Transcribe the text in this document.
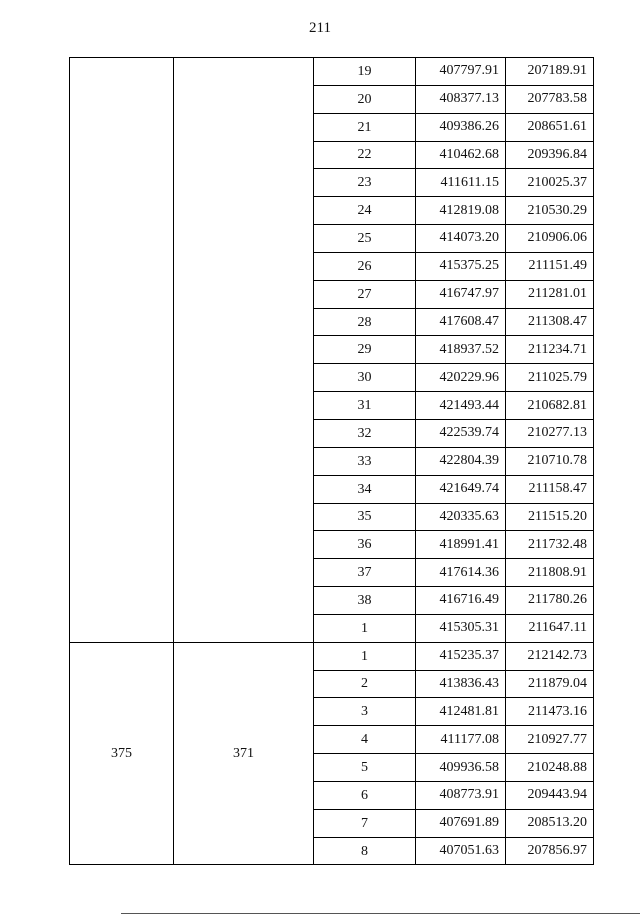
211
		19	407797.91	207189.91
		20	408377.13	207783.58
		21	409386.26	208651.61
		22	410462.68	209396.84
		23	411611.15	210025.37
		24	412819.08	210530.29
		25	414073.20	210906.06
		26	415375.25	211151.49
		27	416747.97	211281.01
		28	417608.47	211308.47
		29	418937.52	211234.71
		30	420229.96	211025.79
		31	421493.44	210682.81
		32	422539.74	210277.13
		33	422804.39	210710.78
		34	421649.74	211158.47
		35	420335.63	211515.20
		36	418991.41	211732.48
		37	417614.36	211808.91
		38	416716.49	211780.26
		1	415305.31	211647.11
375	371	1	415235.37	212142.73
		2	413836.43	211879.04
		3	412481.81	211473.16
		4	411177.08	210927.77
		5	409936.58	210248.88
		6	408773.91	209443.94
		7	407691.89	208513.20
		8	407051.63	207856.97
